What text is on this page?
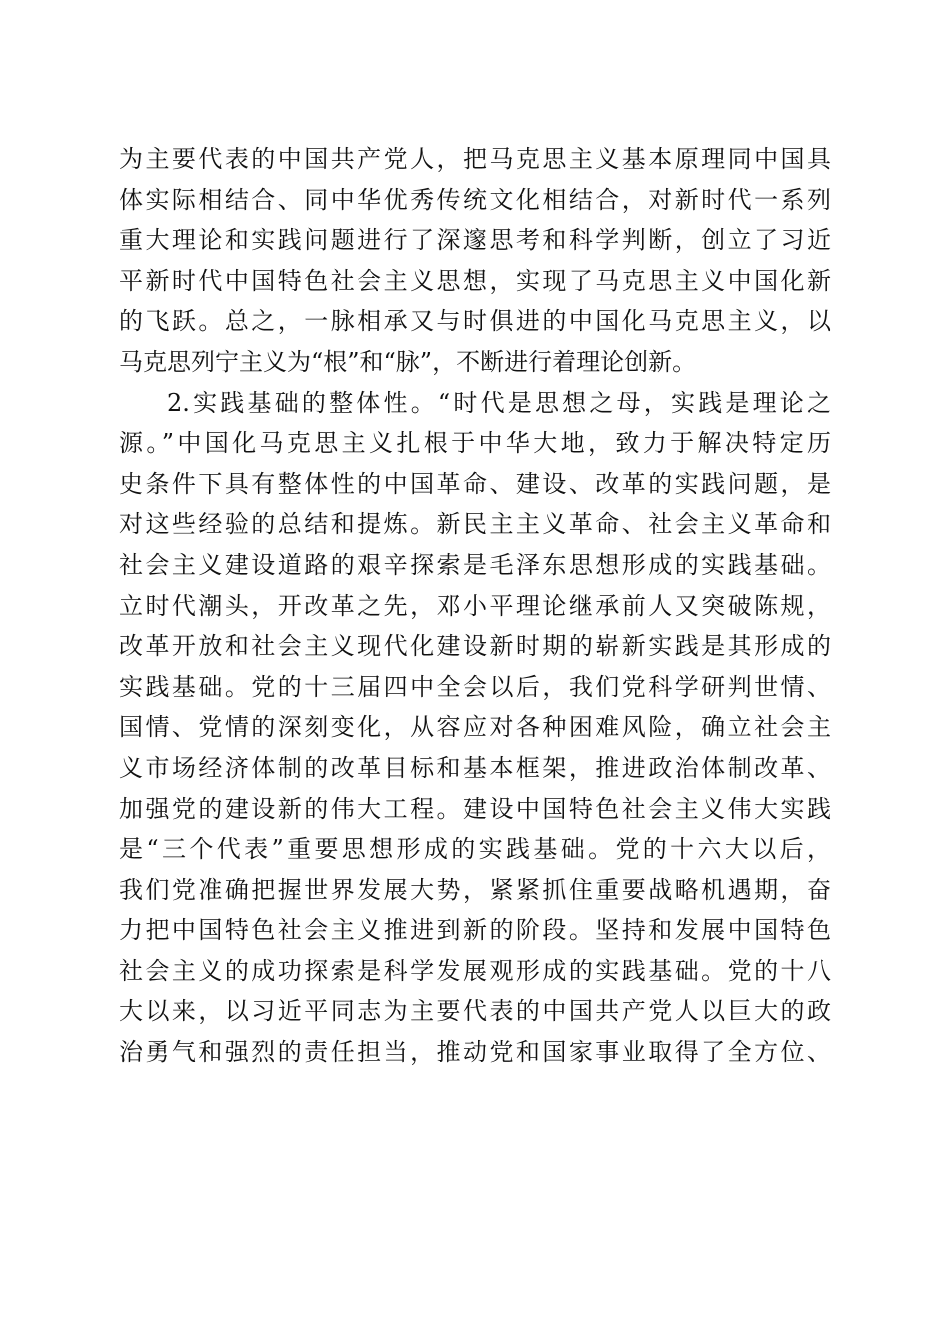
为主要代表的中国共产党人，把马克思主义基本原理同中国具
体实际相结合、同中华优秀传统文化相结合，对新时代一系列
重大理论和实践问题进行了深邃思考和科学判断，创立了习近
平新时代中国特色社会主义思想，实现了马克思主义中国化新
的飞跃。总之，一脉相承又与时俱进的中国化马克思主义，以
马克思列宁主义为“根”和“脉”，不断进行着理论创新。
2.实践基础的整体性。“时代是思想之母，实践是理论之
源。”中国化马克思主义扎根于中华大地，致力于解决特定历
史条件下具有整体性的中国革命、建设、改革的实践问题，是
对这些经验的总结和提炼。新民主主义革命、社会主义革命和
社会主义建设道路的艰辛探索是毛泽东思想形成的实践基础。
立时代潮头，开改革之先，邓小平理论继承前人又突破陈规，
改革开放和社会主义现代化建设新时期的崭新实践是其形成的
实践基础。党的十三届四中全会以后，我们党科学研判世情、
国情、党情的深刻变化，从容应对各种困难风险，确立社会主
义市场经济体制的改革目标和基本框架，推进政治体制改革、
加强党的建设新的伟大工程。建设中国特色社会主义伟大实践
是“三个代表”重要思想形成的实践基础。党的十六大以后，
我们党准确把握世界发展大势，紧紧抓住重要战略机遇期，奋
力把中国特色社会主义推进到新的阶段。坚持和发展中国特色
社会主义的成功探索是科学发展观形成的实践基础。党的十八
大以来，以习近平同志为主要代表的中国共产党人以巨大的政
治勇气和强烈的责任担当，推动党和国家事业取得了全方位、
